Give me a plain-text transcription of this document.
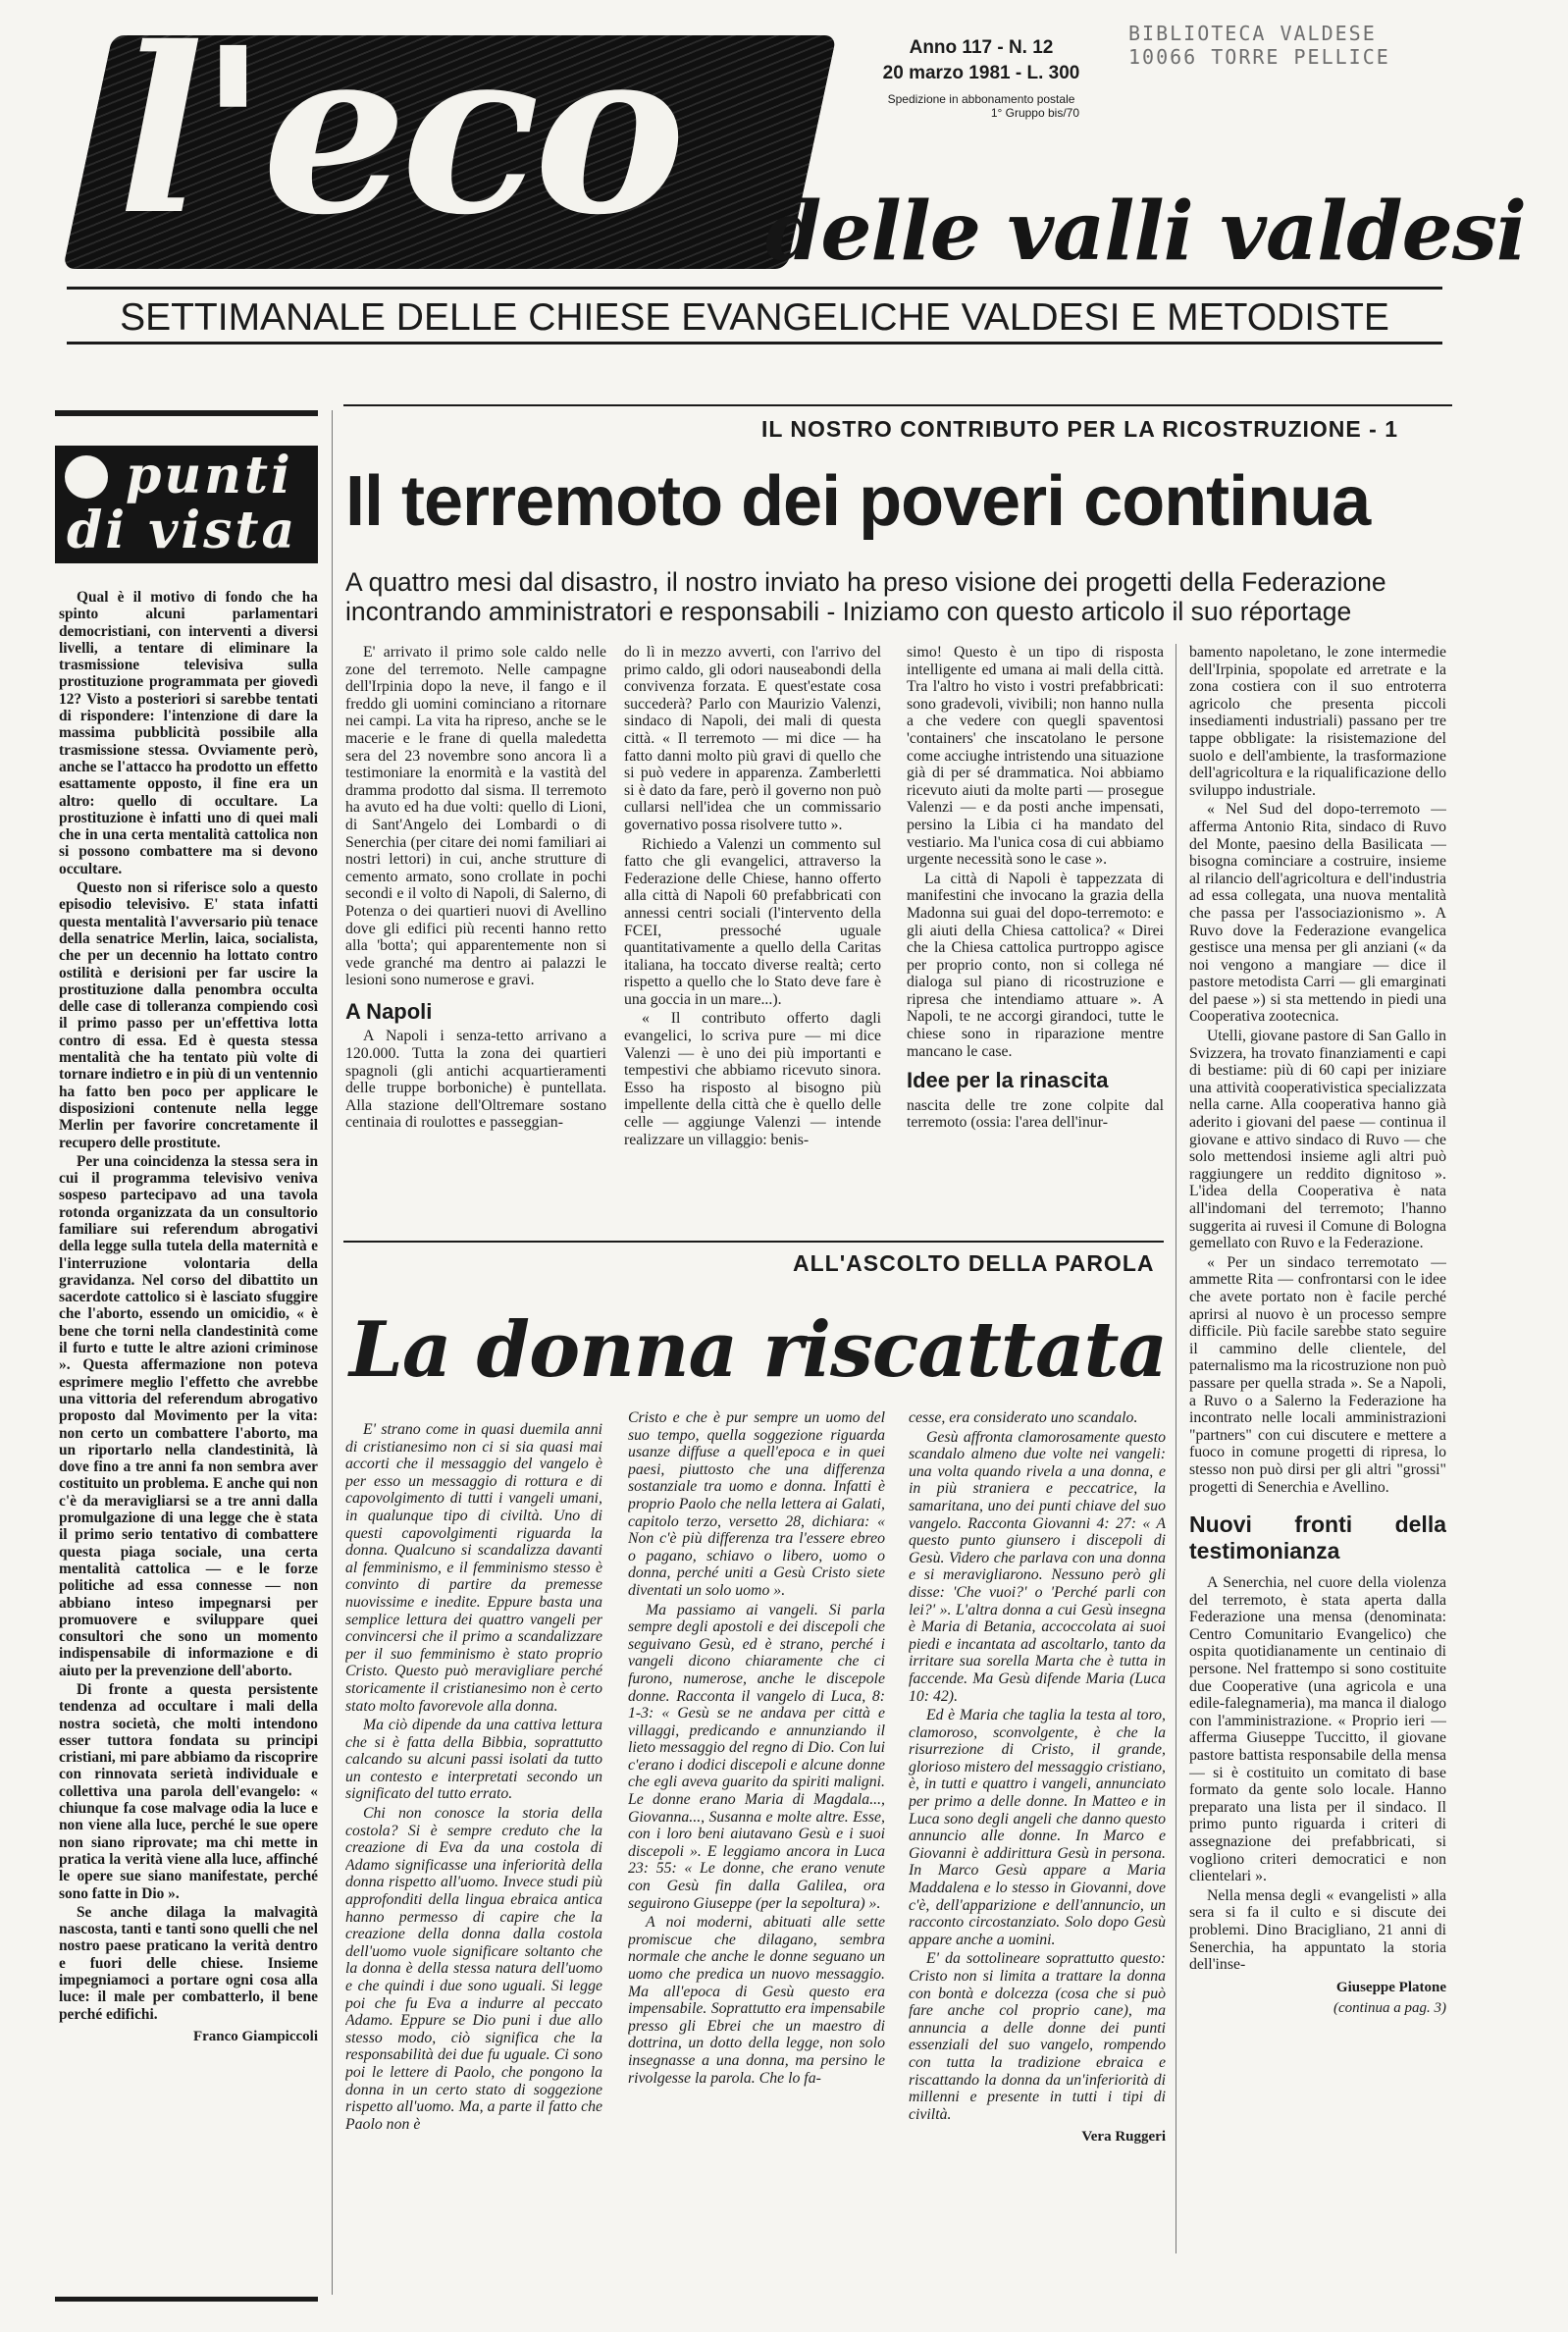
l'eco delle valli valdesi
Anno 117 - N. 12
20 marzo 1981 - L. 300
Spedizione in abbonamento postale
1° Gruppo bis/70
BIBLIOTECA VALDESE
10066 TORRE PELLICE
SETTIMANALE DELLE CHIESE EVANGELICHE VALDESI E METODISTE
punti
di vista

Qual è il motivo di fondo che ha spinto alcuni parlamentari democristiani, con interventi a diversi livelli, a tentare di eliminare la trasmissione televisiva sulla prostituzione programmata per giovedì 12? Visto a posteriori si sarebbe tentati di rispondere: l'intenzione di dare la massima pubblicità possibile alla trasmissione stessa. Ovviamente però, anche se l'attacco ha prodotto un effetto esattamente opposto, il fine era un altro: quello di occultare. La prostituzione è infatti uno di quei mali che in una certa mentalità cattolica non si possono combattere ma si devono occultare.

Questo non si riferisce solo a questo episodio televisivo. E' stata infatti questa mentalità l'avversario più tenace della senatrice Merlin, laica, socialista, che per un decennio ha lottato contro ostilità e derisioni per far uscire la prostituzione dalla penombra occulta delle case di tolleranza compiendo così il primo passo per un'effettiva lotta contro di essa. Ed è questa stessa mentalità che ha tentato più volte di tornare indietro e in più di un ventennio ha fatto ben poco per applicare le disposizioni contenute nella legge Merlin per favorire concretamente il recupero delle prostitute.

Per una coincidenza la stessa sera in cui il programma televisivo veniva sospeso partecipavo ad una tavola rotonda organizzata da un consultorio familiare sui referendum abrogativi della legge sulla tutela della maternità e l'interruzione volontaria della gravidanza. Nel corso del dibattito un sacerdote cattolico si è lasciato sfuggire che l'aborto, essendo un omicidio, « è bene che torni nella clandestinità come il furto e tutte le altre azioni criminose ». Questa affermazione non poteva esprimere meglio l'effetto che avrebbe una vittoria del referendum abrogativo proposto dal Movimento per la vita: non certo un combattere l'aborto, ma un riportarlo nella clandestinità, là dove fino a tre anni fa non sembra aver costituito un problema. E anche qui non c'è da meravigliarsi se a tre anni dalla promulgazione di una legge che è stata il primo serio tentativo di combattere questa piaga sociale, una certa mentalità cattolica — e le forze politiche ad essa connesse — non abbiano inteso impegnarsi per promuovere e sviluppare quei consultori che sono un momento indispensabile di informazione e di aiuto per la prevenzione dell'aborto.

Di fronte a questa persistente tendenza ad occultare i mali della nostra società, che molti intendono esser tuttora fondata su principi cristiani, mi pare abbiamo da riscoprire con rinnovata serietà individuale e collettiva una parola dell'evangelo: « chiunque fa cose malvage odia la luce e non viene alla luce, perché le sue opere non siano riprovate; ma chi mette in pratica la verità viene alla luce, affinché le opere sue siano manifestate, perché sono fatte in Dio ».

Se anche dilaga la malvagità nascosta, tanti e tanti sono quelli che nel nostro paese praticano la verità dentro e fuori delle chiese. Insieme impegniamoci a portare ogni cosa alla luce: il male per combatterlo, il bene perché edifichi.

Franco Giampiccoli
IL NOSTRO CONTRIBUTO PER LA RICOSTRUZIONE - 1
Il terremoto dei poveri continua
A quattro mesi dal disastro, il nostro inviato ha preso visione dei progetti della Federazione incontrando amministratori e responsabili - Iniziamo con questo articolo il suo réportage

E' arrivato il primo sole caldo nelle zone del terremoto. Nelle campagne dell'Irpinia dopo la neve, il fango e il freddo gli uomini cominciano a ritornare nei campi. La vita ha ripreso, anche se le macerie e le frane di quella maledetta sera del 23 novembre sono ancora lì a testimoniare la enormità e la vastità del dramma prodotto dal sisma. Il terremoto ha avuto ed ha due volti: quello di Lioni, di Sant'Angelo dei Lombardi o di Senerchia (per citare dei nomi familiari ai nostri lettori) in cui, anche strutture di cemento armato, sono crollate in pochi secondi e il volto di Napoli, di Salerno, di Potenza o dei quartieri nuovi di Avellino dove gli edifici più recenti hanno retto alla 'botta'; qui apparentemente non si vede granché ma dentro ai palazzi le lesioni sono numerose e gravi.

A Napoli

A Napoli i senza-tetto arrivano a 120.000. Tutta la zona dei quartieri spagnoli (gli antichi acquartieramenti delle truppe borboniche) è puntellata. Alla stazione dell'Oltremare sostano centinaia di roulottes e passeggian-

do lì in mezzo avverti, con l'arrivo del primo caldo, gli odori nauseabondi della convivenza forzata. E quest'estate cosa succederà? Parlo con Maurizio Valenzi, sindaco di Napoli, dei mali di questa città. « Il terremoto — mi dice — ha fatto danni molto più gravi di quello che si può vedere in apparenza. Zamberletti si è dato da fare, però il governo non può cullarsi nell'idea che un commissario governativo possa risolvere tutto ».

Richiedo a Valenzi un commento sul fatto che gli evangelici, attraverso la Federazione delle Chiese, hanno offerto alla città di Napoli 60 prefabbricati con annessi centri sociali (l'intervento della FCEI, pressoché uguale quantitativamente a quello della Caritas italiana, ha toccato diverse realtà; certo rispetto a quello che lo Stato deve fare è una goccia in un mare...).

« Il contributo offerto dagli evangelici, lo scriva pure — mi dice Valenzi — è uno dei più importanti e tempestivi che abbiamo ricevuto sinora. Esso ha risposto al bisogno più impellente della città che è quello delle celle — aggiunge Valenzi — intende realizzare un villaggio: benis-

simo! Questo è un tipo di risposta intelligente ed umana ai mali della città. Tra l'altro ho visto i vostri prefabbricati: sono gradevoli, vivibili; non hanno nulla a che vedere con quegli spaventosi 'containers' che inscatolano le persone come acciughe intristendo una situazione già di per sé drammatica. Noi abbiamo ricevuto aiuti da molte parti — prosegue Valenzi — e da posti anche impensati, persino la Libia ci ha mandato del vestiario. Ma l'unica cosa di cui abbiamo urgente necessità sono le case ».

La città di Napoli è tappezzata di manifestini che invocano la grazia della Madonna sui guai del dopo-terremoto: e gli aiuti della Chiesa cattolica? « Direi che la Chiesa cattolica purtroppo agisce per proprio conto, non si collega né dialoga sul piano di ricostruzione e ripresa che intendiamo attuare ». A Napoli, te ne accorgi girandoci, tutte le chiese sono in riparazione mentre mancano le case.

Idee per la rinascita

nascita delle tre zone colpite dal terremoto (ossia: l'area dell'inur-

bamento napoletano, le zone intermedie dell'Irpinia, spopolate ed arretrate e la zona costiera con il suo entroterra agricolo che presenta piccoli insediamenti industriali) passano per tre tappe obbligate: la risistemazione del suolo e dell'ambiente, la trasformazione dell'agricoltura e la riqualificazione dello sviluppo industriale.

« Nel Sud del dopo-terremoto — afferma Antonio Rita, sindaco di Ruvo del Monte, paesino della Basilicata — bisogna cominciare a costruire, insieme al rilancio dell'agricoltura e dell'industria ad essa collegata, una nuova mentalità che passa per l'associazionismo ». A Ruvo dove la Federazione evangelica gestisce una mensa per gli anziani (« da noi vengono a mangiare — dice il pastore metodista Carri — gli emarginati del paese ») si sta mettendo in piedi una Cooperativa zootecnica.

Utelli, giovane pastore di San Gallo in Svizzera, ha trovato finanziamenti e capi di bestiame: più di 60 capi per iniziare una attività cooperativistica specializzata nella carne. Alla cooperativa hanno già aderito i giovani del paese — continua il giovane e attivo sindaco di Ruvo — che solo mettendosi insieme agli altri può raggiungere un reddito dignitoso ». L'idea della Cooperativa è nata all'indomani del terremoto; l'hanno suggerita ai ruvesi il Comune di Bologna gemellato con Ruvo e la Federazione.

« Per un sindaco terremotato — ammette Rita — confrontarsi con le idee che avete portato non è facile perché aprirsi al nuovo è un processo sempre difficile. Più facile sarebbe stato seguire il cammino delle clientele, del paternalismo ma la ricostruzione non può passare per quella strada ». Se a Napoli, a Ruvo o a Salerno la Federazione ha incontrato nelle locali amministrazioni "partners" con cui discutere e mettere a fuoco in comune progetti di ripresa, lo stesso non può dirsi per gli altri "grossi" progetti di Senerchia e Avellino.

Nuovi fronti della testimonianza

A Senerchia, nel cuore della violenza del terremoto, è stata aperta dalla Federazione una mensa (denominata: Centro Comunitario Evangelico) che ospita quotidianamente un centinaio di persone. Nel frattempo si sono costituite due Cooperative (una agricola e una edile-falegnameria), ma manca il dialogo con l'amministrazione. « Proprio ieri — afferma Giuseppe Tuccitto, il giovane pastore battista responsabile della mensa — si è costituito un comitato di base formato da gente solo locale. Hanno preparato una lista per il sindaco. Il primo punto riguarda i criteri di assegnazione dei prefabbricati, si vogliono criteri democratici e non clientelari ».

Nella mensa degli « evangelisti » alla sera si fa il culto e si discute dei problemi. Dino Bracigliano, 21 anni di Senerchia, ha appuntato la storia dell'inse-

Giuseppe Platone
(continua a pag. 3)
ALL'ASCOLTO DELLA PAROLA
La donna riscattata

E' strano come in quasi duemila anni di cristianesimo non ci si sia quasi mai accorti che il messaggio del vangelo è per esso un messaggio di rottura e di capovolgimento di tutti i vangeli umani, in qualunque tipo di civiltà. Uno di questi capovolgimenti riguarda la donna. Qualcuno si scandalizza davanti al femminismo, e il femminismo stesso è convinto di partire da premesse nuovissime e inedite. Eppure basta una semplice lettura dei quattro vangeli per convincersi che il primo a scandalizzare per il suo femminismo è stato proprio Cristo. Questo può meravigliare perché storicamente il cristianesimo non è certo stato molto favorevole alla donna.

Ma ciò dipende da una cattiva lettura che si è fatta della Bibbia, soprattutto calcando su alcuni passi isolati da tutto un contesto e interpretati secondo un significato del tutto errato.

Chi non conosce la storia della costola? Si è sempre creduto che la creazione di Eva da una costola di Adamo significasse una inferiorità della donna rispetto all'uomo. Invece studi più approfonditi della lingua ebraica antica hanno permesso di capire che la creazione della donna dalla costola dell'uomo vuole significare soltanto che la donna è della stessa natura dell'uomo e che quindi i due sono uguali. Si legge poi che fu Eva a indurre al peccato Adamo. Eppure se Dio puni i due allo stesso modo, ciò significa che la responsabilità dei due fu uguale. Ci sono poi le lettere di Paolo, che pongono la donna in un certo stato di soggezione rispetto all'uomo. Ma, a parte il fatto che Paolo non è

Cristo e che è pur sempre un uomo del suo tempo, quella soggezione riguarda usanze diffuse a quell'epoca e in quei paesi, piuttosto che una differenza sostanziale tra uomo e donna. Infatti è proprio Paolo che nella lettera ai Galati, capitolo terzo, versetto 28, dichiara: « Non c'è più differenza tra l'essere ebreo o pagano, schiavo o libero, uomo o donna, perché uniti a Gesù Cristo siete diventati un solo uomo ».

Ma passiamo ai vangeli. Si parla sempre degli apostoli e dei discepoli che seguivano Gesù, ed è strano, perché i vangeli dicono chiaramente che ci furono, numerose, anche le discepole donne. Racconta il vangelo di Luca, 8: 1-3: « Gesù se ne andava per città e villaggi, predicando e annunziando il lieto messaggio del regno di Dio. Con lui c'erano i dodici discepoli e alcune donne che egli aveva guarito da spiriti maligni. Le donne erano Maria di Magdala..., Giovanna..., Susanna e molte altre. Esse, con i loro beni aiutavano Gesù e i suoi discepoli ». E leggiamo ancora in Luca 23: 55: « Le donne, che erano venute con Gesù fin dalla Galilea, ora seguirono Giuseppe (per la sepoltura) ».

A noi moderni, abituati alle sette promiscue che dilagano, sembra normale che anche le donne seguano un uomo che predica un nuovo messaggio. Ma all'epoca di Gesù questo era impensabile. Soprattutto era impensabile presso gli Ebrei che un maestro di dottrina, un dotto della legge, non solo insegnasse a una donna, ma persino le rivolgesse la parola. Che lo fa-

cesse, era considerato uno scandalo.

Gesù affronta clamorosamente questo scandalo almeno due volte nei vangeli: una volta quando rivela a una donna, e in più straniera e peccatrice, la samaritana, uno dei punti chiave del suo vangelo. Racconta Giovanni 4: 27: « A questo punto giunsero i discepoli di Gesù. Videro che parlava con una donna e si meravigliarono. Nessuno però gli disse: 'Che vuoi?' o 'Perché parli con lei?' ». L'altra donna a cui Gesù insegna è Maria di Betania, accoccolata ai suoi piedi e incantata ad ascoltarlo, tanto da irritare sua sorella Marta che è tutta in faccende. Ma Gesù difende Maria (Luca 10: 42).

Ed è Maria che taglia la testa al toro, clamoroso, sconvolgente, è che la risurrezione di Cristo, il grande, glorioso mistero del messaggio cristiano, è, in tutti e quattro i vangeli, annunciato per primo a delle donne. In Matteo e in Luca sono degli angeli che danno questo annuncio alle donne. In Marco e Giovanni è addirittura Gesù in persona. In Marco Gesù appare a Maria Maddalena e lo stesso in Giovanni, dove c'è, dell'apparizione e dell'annuncio, un racconto circostanziato. Solo dopo Gesù appare anche a uomini.

E' da sottolineare soprattutto questo: Cristo non si limita a trattare la donna con bontà e dolcezza (cosa che si può fare anche col proprio cane), ma annuncia a delle donne dei punti essenziali del suo vangelo, rompendo con tutta la tradizione ebraica e riscattando la donna da un'inferiorità di millenni e presente in tutti i tipi di civiltà.

Vera Ruggeri
